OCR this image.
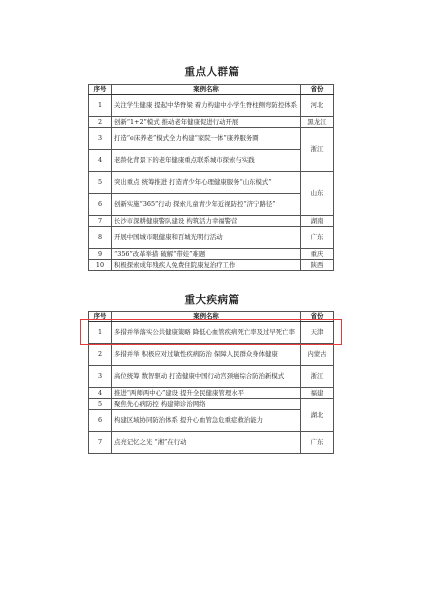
重点人群篇
序号	案例名称	省份
1	关注学生健康 提起中华脊梁 着力构建中小学生脊柱侧弯防控体系	河北
2	创新“1+2”模式 推动老年健康促进行动开展	黑龙江
3	打造“e床养老”模式全力构建“家院一体”康养服务圈	浙江
4	老龄化背景下的老年健康重点联系城市探索与实践	
5	突出重点 统筹推进 打造青少年心理健康服务“山东模式”	山东
6	创新实施“365”行动 探索儿童青少年近视防控“济宁路径”	
7	长沙市深耕健康警队建设 构筑活力幸福警营	湖南
8	开展中国城市眼健康和百城光明行活动	广东
9	“356”改革举措 破解“带娃”难题	重庆
10	积极探索成年残疾人免费住院康复治疗工作	陕西
重大疾病篇
序号	案例名称	省份
1	多措并举落实公共健康策略 降低心血管疾病死亡率及过早死亡率	天津
2	多措并举 积极应对过敏性疾病防治 保障人民群众身体健康	内蒙古
3	高位统筹 数智驱动 打造健康中国行动宫颈癌综合防治新模式	浙江
4	推进“两师两中心”建设 提升全民健康管理水平	福建
5	聚焦先心病防控 构建筛诊治网络	湖北
6	构建区域协同防治体系 提升心血管急危重症救治能力	
7	点亮记忆之光 “湘”在行动	广东
